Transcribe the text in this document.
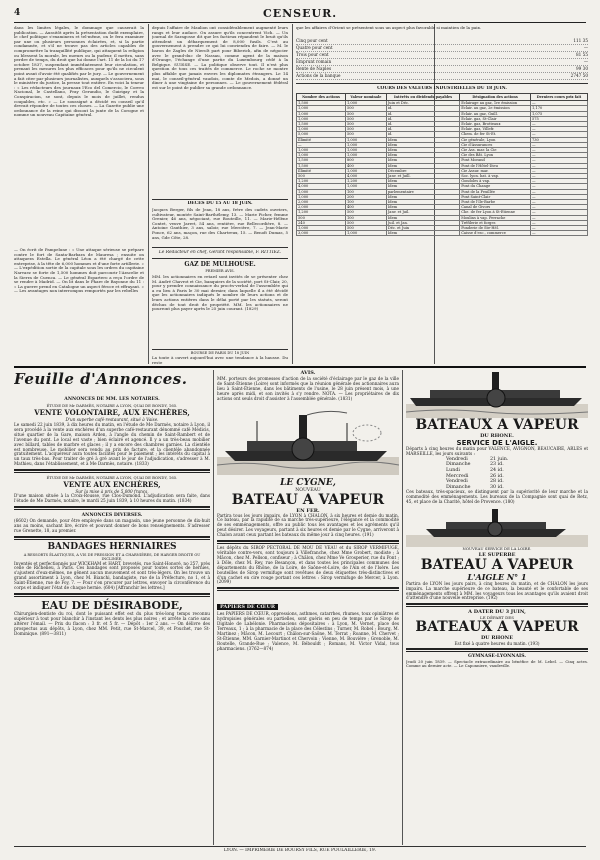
4	CENSEUR.
dans les limites légales, le dommage que causerait la publication. — Aussitôt après la présentation dudit exemplaire, le chef politique s'examinera et tel-même, on le fera examiner par une ou plusieurs personnes éclairées, et, si la partie condamnée, et s'il ne trouve pas des articles capables de compromettre la tranquillité publique, qui attaquent la religion ou blessent la morale, les mœurs ou la pudeur, il mettra, sans perdre de temps, du droit que lui donne l'art. 11 de la loi du 17 octobre 1837, suspendant immédiatement leur circulation, et prenant les mesures les plus efficaces pour qu'ils ne circulent point avant d'avoir été qualifiés par le jury. — Le gouvernement a fait citer par plusieurs journalistes, auxquels s'associera, sous le ministère du justice, la presse tout entière. En voici la teneur : « Les rédacteurs des journaux l'Eco del Comercio, le Correo Nacional, le Castellano, Fray Gerundio, le Guirigay et la Conspiracion, se sont, depuis le mois de juillet, rendus coupables, etc. » — Le soussigné a décidé en conseil qu'il devrait répondre de toutes ces choses. — La Gazette publie une ordonnance de la reine qui dissout la junte de la Corogne et nomme un nouveau Capitaine général.
— On écrit de Pampelune : « Une attaque sérieuse se prépare contre le fort de Santa-Barbara de Mauresa ; ensuite on attaquera Estella. Le général Léon a été chargé de cette entreprise, à la tête de 6,000 hommes et d'une forte artillerie. » — L'expédition sortie de la capitale sous les ordres du capitaine Narvaez se forte de 1,500 hommes doit parcourir l'Aracelie et la Sierra de Cuenca. — Le général Espartero a reçu l'ordre de se rendre à Madrid. — On lit dans le Phare de Bayonne du 11 : « La guerre prend en Catalogne un aspect féroce et effrayant. » — Les avantages non interrompus remportés par les rebelles
depuis l'affaire de Maulion ont considérablement augmenté leurs rangs et leur audace. On assure qu'ils concentrent Vich. — Un journal de Saragosse dit que les factieux répandent le bruit qu'ils attendent un débarquement de 8,000 fusils. C'est au gouvernement à prendre ce qui lui conviendra de faire. — M. le baron de Zagles de Nierolt part pour Biberich, afin de négocier avec le grand-duc de Nassau, comme agent de la maison d'Orange, l'échange d'une partie du Luxembourg cédé à la Belgique. SUISSE. — La politique observe tout. Il n'est plus question de tous ces traités de commerce. Le roche se montre plus affable que jamais envers les diplomates étrangers. Le 14 mai, le conseil-général vaudois, comte de Medois, a donné un diner à une vingtaine de personnes. — Le gouvernement fédéral est sur le point de publier sa grande ordonnance.
DÉCÈS DU 15 AU 18 JUIN.
Jacques Berger, fils de Jean, 18 ans, frère des cadets ouvriers, cultivateur, montée Saint-Barthélemy, 13. — Marie Picher, femme Grenier, 46 ans, négociant, rue Bouteille, 11. — Marie-Hélène Contet, veuve Jarret, 54 ans, rentière, rue Bellecordière, 8. — Antoine Gauthier, 3 ans, saloir, rue Mercière, 7. — Jean-Marie Ponce, 62 ans, maçon, rue des Chartreux, 15. — Benoît Dumas, 5 ans, Gde Côte, 28.
Le Rédacteur en chef, Gérant responsable, F. RITTIEZ.
GAZ DE MULHOUSE.
PREMIER AVIS.
MM. les actionnaires en retard sont invités de se présenter chez M. André Chavrot et Cie, banquiers de la société, port St-Clair, 20, pour y prendre connaissance du procès-verbal de l'assemblée qui a eu lieu à Paris le 30 mai dernier, dans laquelle il a été décidé que les actionnaires indiqués le nombre de leurs actions et de leurs actions entières dans le délai porté par les statuts, seront déchus de tout droit de propriété. MM. les actionnaires ne pourront plus payer après le 25 juin courant. (1829)
BOURSE DE PARIS DU 18 JUIN
La toute à ouvert aujourd'hui avec une tendance à la hausse. Du reste
que les affaires d'Orient se présentent sous un aspect plus favorable si maintien de la paix.
Cinq pour cent	111 35
Quatre pour cent	—
Trois pour cent	81 55
Emprunt romain	—
Rente de Naples	99 30
Actions de la banque	2747 50
COURS DES VALEURS INDUSTRIELLES DU 18 JUIN.
Nombre des actions	Valeur nominale	Intérêts ou dividends payables	Désignation des actions	Derniers cours prix fait
1,500	1,000	Juin et Déc.	Éclairage au gaz, 1re émission	—
1,000	500	id.	Éclair. au gaz, 2e émission	1,170
1,000	500	id.	Éclair. au gaz, Guill.	1,075
1,000	500	id.	Éclair. gaz, St-Clair	575
1,500	500	id.	Éclair. gaz, Brotteaux	—
1,000	500	id.	Éclair. gaz, Villefr.	—
5,000	500	id.	Chem. de fer St-Et.	—
Illimité	1,000	Idem	Cie générale, Lyon	730
—	1,000	Idem	Cie d'Assurances	—
1,000	1,000	Idem	Cie Ass. mar. la Cie	—
1,000	1,000	Idem	Cie des Bât. Lyon	—
1,500	800	Idem	Pont Morand	—
1,500	400	Idem	Pont de l'Hôtel-Dieu	—
Illimité	1,000	Décembre	Cie Assur. mar.	—
500	4,000	Janv. et Juill.	Soc. lyon. bat. à vap.	—
1,200	1,200	Idem	Gondoles à vap.	—
4,000	1,000	Idem	Pont du Change	—
1,000	100	parlementaire	Pont de la Feuillée	—
1,000	200	Idem	Pont Saint-Clair	—
2,000	100	Idem	Pont de l'Ile-Barbe	—
2,000	400	Idem	Canal de Givors	—
1,200	500	Janv. et Juil.	Che. de fer Lyon à St-Etienne	—
500	100	Idem	Moulins à vap. Perrache	—
240	500	Juil. et Jan.	Tréfilerie et forges	—
1,000	500	Déc. et Juin	Fonderie de Ste-Hél.	—
3,000	1,000	Idem	Caisse d'esc., commerce	—
Feuille d'Annonces.
ANNONCES DE MM. LES NOTAIRES.
ÉTUDE DE Mr DARMÈS, NOTAIRE A LYON, QUAI DE BONDY, 165.
VENTE VOLONTAIRE, AUX ENCHÈRES,
D'un superbe café-restaurant, situé à Vaise.
Le samedi 22 juin 1839, à dix heures du matin, en l'étude de Me Darmès, notaire à Lyon, il sera procédé à la vente aux enchères d'un superbe café-restaurant dénommé café Médicis, situé quartier de la Gare, maison Arden, à l'angle du chemin de Saint-Rambert et de l'avenue du pont. Le local est vaste ; bien éclairé et agencé. Il y a un très-beau mobilier avec billard, tables de marbre et glaces ; il y a encore des chambres garnies. La clientèle est nombreuse. Le mobilier sera vendu au prix de facture, et la clientèle abandonnée gratuitement. L'acquéreur aura toutes facilités pour le paiement ; les intérêts du capital à un taux très-bas. Pour traiter de gré à gré avant le jour de l'adjudication, s'adresser à M. Mathieu, dans l'établissement, et à Me Darmès, notaire. (1833)
ÉTUDE DE Mr DARMÈS, NOTAIRE A LYON, QUAI DE BONDY, 165.
VENTE AUX ENCHÈRES,
Sur la mise à prix de 5,000 francs,
D'une maison située à la Croix-Rousse, rue Clos-Dumond. L'adjudication sera faite, dans l'étude de Me Darmès, notaire, le mardi 25 juin 1839, à 10 heures du matin. (1834)
ANNONCES DIVERSES.
(6602) On demande, pour être employée dans un magasin, une jeune personne de dix-huit ans au moins, sachant lire, écrire et pouvant donner de bons renseignements. S'adresser rue Grenette, 18, au premier.
BANDAGES HERNIAIRES
A RESSORTS ÉLASTIQUES, A VIS DE PRESSION ET A CHARNIÈRES, DE HARGER DROITE OU INCLINÉE,
Inventés et perfectionnés par WICKHAM et HART, brevetés, rue Saint-Honoré, no 257, près celle de Richelieu, à Paris. Ces bandages sont proposés pour toutes sortes de hernies, s'ajustent d'eux-mêmes, ne gênent aucun mouvement et sont très-légers. On les trouve un grand assortiment à Lyon, chez M. Bianchi, bandagiste, rue de la Préfecture, no 1, et à Saint-Étienne, rue de Foy, 7. — Pour s'en procurer par lettres, envoyer la circonférence du corps et indiquer l'état de chaque hernie. (604) [Affranchir les lettres.]
EAU DE DÉSIRABODE,
Chirurgien-dentiste du roi, dont le puissant effet est du plus très-long temps reconnu supérieur à tout pour blanchir à l'instant les dents les plus noires ; et arrête la carie sans altérer l'émail. — Prix du flacon : 3 fr. et 5 fr. — Dépôt : 1er 2 ans. — On délivre des prospectus aux dépôts, à Lyon, chez MM. Petit, rue St-Marcel, 39, et Pouchet, rue St-Dominique. (891—3811)
AVIS.
MM. porteurs des promesses d'action de la société d'éclairage par le gaz de la ville de Saint-Étienne (Loire) sont informés que la réunion générale des actionnaires aura lieu à Saint-Étienne, dans les bâtiments de l'usine, le 28 juin présent mois, à une heure après midi, et son invités à s'y rendre. NOTA. — Les propriétaires de dix actions ont seuls droit d'assister à l'assemblée générale. (1831)
LE CYGNE,
NOUVEAU
BATEAU A VAPEUR
EN FER.
Partira tous les jours impairs, de LYON à CHALON, à six heures et demie du matin. Ce bateau, par la rapidité de sa marche très-supérieure, l'élégance et la commodité de ses emménagements, offre au public tous les avantages et les agréments qu'il peut désirer. Les voyageurs, partant à six heures et demie par le Cygne, arriveront à Chalon avant ceux partant les bateaux du même jour à cinq heures. (191)
Les dépôts du SIROP PECTORAL DE MOU DE VEAU et du SIROP VERMIFUGE, véritable contre-vers, sont toujours à Villefranche, chez Mme Grobert, modiste ; à Mâcon, chez M. Pellson, confiseur ; à Châlon, chez Mme Ve Grosperier, rue du Pont ; à Dôle, chez M. Rey, rue Besançon, et dans toutes les principales communes des départements du Rhône, de la Loire, de Saône-et-Loire, de l'Ain et de l'Isère. Les bouteilles de Sirop vermifuge sont revêtues de deux étiquettes très-distinctives et d'un cachet en cire rouge portant ces lettres : Sirop vermifuge de Mercer, à Lyon. (2099)
PAPIERS DE CŒUR
Les PAPIERS DE CŒUR, oppressions, asthmes, catarrhes, rhumes, toux opiniâtres et hydropisies générales ou partielles, sont guéris en peu de temps par le Sirop de Digitale de Labélonie. Pharmaciens dépositaires : à Lyon, M. Vernet, place des Terreaux, 1 ; à la pharmacie de la place des Célestins ; Turner, M. Robel ; Bourg, M. Martinez ; Mâcon, M. Lecourt ; Châlon-sur-Saône, M. Terrat ; Roanne, M. Chervet ; St-Étienne, MM. Garnier-Martinot et Chervoin ; Vienne, M. Bouvière ; Grenoble, M. Boutelle, Grande-Rue ; Valence, M. Bébouldt ; Romans, M. Victor Vidal, tous pharmaciens. (3762—874)
BATEAUX A VAPEUR
DU RHONE.
SERVICE DE L'AIGLE.
Départs à cinq heures du matin pour VALENCE, AVIGNON, BEAUCAIRE, ARLES et MARSEILLE, les jours suivants :
Vendredi	21 juin.
Dimanche	23 id.
Lundi	24 id.
Mercredi	26 id.
Vendredi	28 id.
Dimanche	30 id.
Ces bateaux, très-spacieux, se distinguent par la supériorité de leur marche et la commodité des emménagements. Les bureaux de la Compagnie sont quai de Retz, 45, et place de la Charité, hôtel de Provence. (180)
NOUVEAU SERVICE DE LA LOIRE.
LE SUPERBE
BATEAU A VAPEUR
L'AIGLE N° 1
Partira de LYON les jours pairs, à cinq heures du matin, et de CHALON les jours impairs. La marche supérieure de ce bateau, la beauté et le confortable de ses emménagements offrent à MM. les voyageurs tous les avantages qu'ils avaient droit d'attendre d'une nouvelle entreprise. (192)
A DATER DU 3 JUIN,
LE DÉPART DES
BATEAUX A VAPEUR
DU RHONE
Est fixé à quatre heures du matin. (193)
GYMNASE-LYONNAIS.
Jeudi 20 juin 1839. — Spectacle extraordinaire au bénéfice de M. Lebel. — Cinq actes. Comme au dernier acte. — Le Caponniere, vaudeville.
LYON. — IMPRIMERIE DE BOURSY FILS, RUE POULAILLERIE, 19.
